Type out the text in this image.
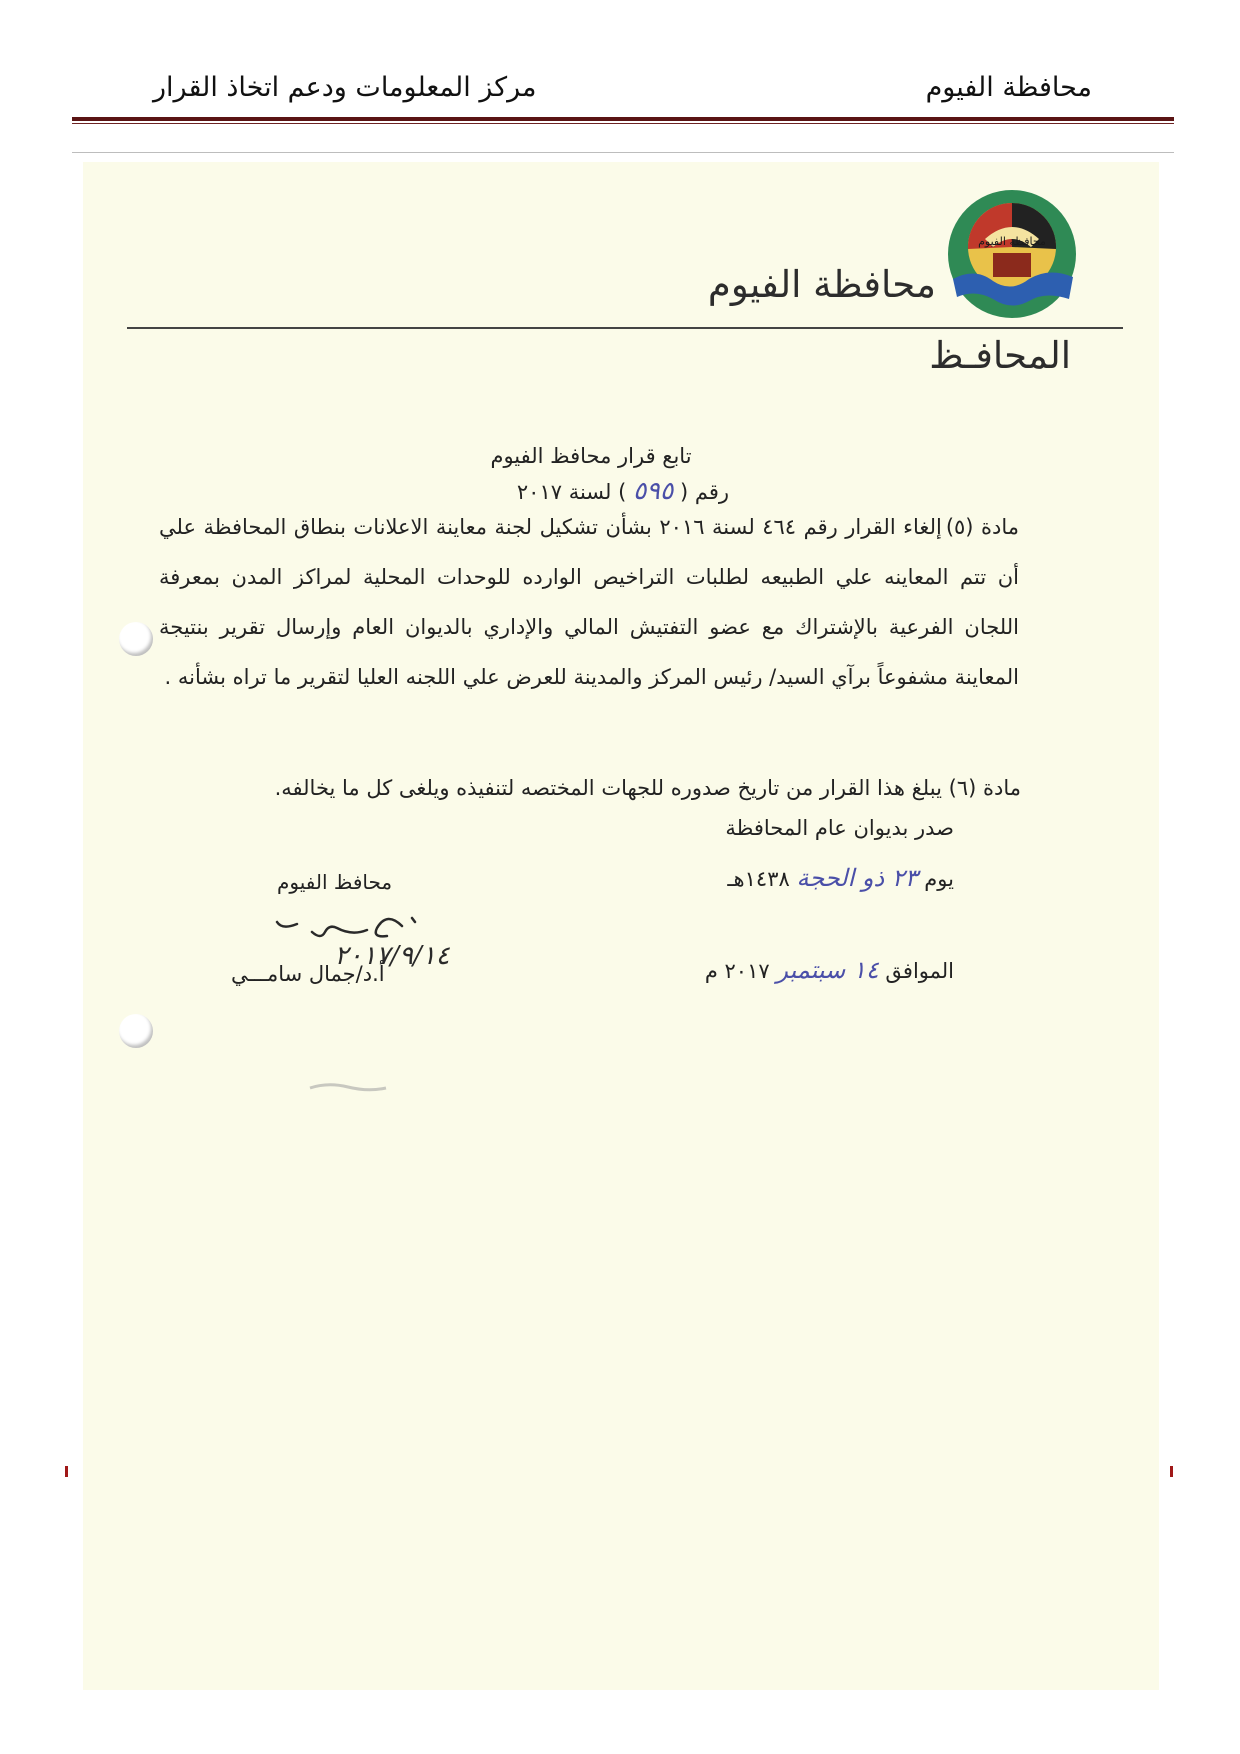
محافظة الفيوم
مركز المعلومات ودعم اتخاذ القرار
محافظة الفيوم
محافظة الفيوم
المحافـظ
تابع قرار محافظ الفيوم
رقم ( ٥٩٥ ) لسنة ٢٠١٧
مادة (٥)إلغاء القرار رقم ٤٦٤ لسنة ٢٠١٦ بشأن تشكيل لجنة معاينة الاعلانات بنطاق المحافظة علي أن تتم المعاينه علي الطبيعه لطلبات التراخيص الوارده للوحدات المحلية لمراكز المدن بمعرفة اللجان الفرعية بالإشتراك مع عضو التفتيش المالي والإداري بالديوان العام وإرسال تقرير بنتيجة المعاينة مشفوعاً برآي السيد/ رئيس المركز والمدينة للعرض علي اللجنه العليا لتقرير ما تراه بشأنه .
مادة (٦) يبلغ هذا القرار من تاريخ صدوره للجهات المختصه لتنفيذه ويلغى كل ما يخالفه.
صدر بديوان عام المحافظة
يوم ٢٣ ذو الحجة ١٤٣٨هـ
الموافق ١٤ سبتمبر ٢٠١٧ م
محافظ الفيوم
٢٠١٧/٩/١٤
أ.د/جمال سامـــي
